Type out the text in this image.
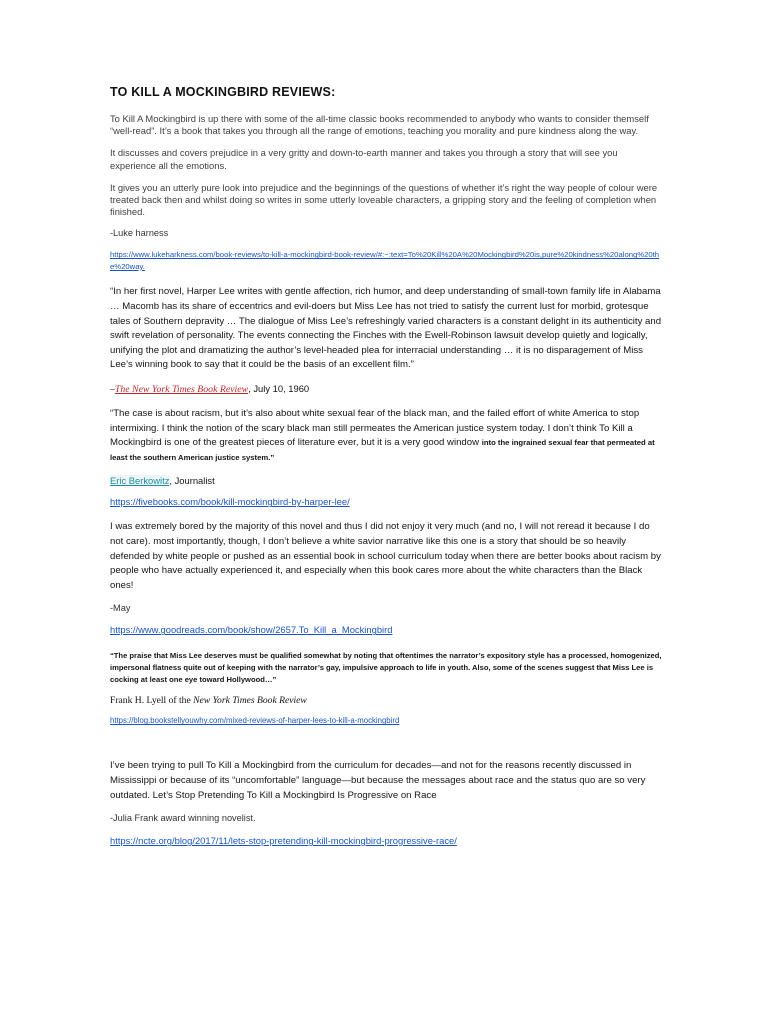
TO KILL A MOCKINGBIRD REVIEWS:

To Kill A Mockingbird is up there with some of the all-time classic books recommended to anybody who wants to consider themself “well-read”. It’s a book that takes you through all the range of emotions, teaching you morality and pure kindness along the way.

It discusses and covers prejudice in a very gritty and down-to-earth manner and takes you through a story that will see you experience all the emotions.

It gives you an utterly pure look into prejudice and the beginnings of the questions of whether it’s right the way people of colour were treated back then and whilst doing so writes in some utterly loveable characters, a gripping story and the feeling of completion when finished.

-Luke harness

https://www.lukeharkness.com/book-reviews/to-kill-a-mockingbird-book-review/#:~:text=To%20Kill%20A%20Mockingbird%20is,pure%20kindness%20along%20the%20way.

“In her first novel, Harper Lee writes with gentle affection, rich humor, and deep understanding of small-town family life in Alabama … Macomb has its share of eccentrics and evil-doers but Miss Lee has not tried to satisfy the current lust for morbid, grotesque tales of Southern depravity … The dialogue of Miss Lee’s refreshingly varied characters is a constant delight in its authenticity and swift revelation of personality. The events connecting the Finches with the Ewell-Robinson lawsuit develop quietly and logically, unifying the plot and dramatizing the author’s level-headed plea for interracial understanding … it is no disparagement of Miss Lee’s winning book to say that it could be the basis of an excellent film.”

–The New York Times Book Review, July 10, 1960

“The case is about racism, but it’s also about white sexual fear of the black man, and the failed effort of white America to stop intermixing. I think the notion of the scary black man still permeates the American justice system today. I don’t think To Kill a Mockingbird is one of the greatest pieces of literature ever, but it is a very good window into the ingrained sexual fear that permeated at least the southern American justice system.”

Eric Berkowitz, Journalist

https://fivebooks.com/book/kill-mockingbird-by-harper-lee/

I was extremely bored by the majority of this novel and thus I did not enjoy it very much (and no, I will not reread it because I do not care). most importantly, though, I don’t believe a white savior narrative like this one is a story that should be so heavily defended by white people or pushed as an essential book in school curriculum today when there are better books about racism by people who have actually experienced it, and especially when this book cares more about the white characters than the Black ones!

-May

https://www.goodreads.com/book/show/2657.To_Kill_a_Mockingbird

“The praise that Miss Lee deserves must be qualified somewhat by noting that oftentimes the narrator’s expository style has a processed, homogenized, impersonal flatness quite out of keeping with the narrator’s gay, impulsive approach to life in youth. Also, some of the scenes suggest that Miss Lee is cocking at least one eye toward Hollywood…”

Frank H. Lyell of the New York Times Book Review

https://blog.bookstellyouwhy.com/mixed-reviews-of-harper-lees-to-kill-a-mockingbird

I’ve been trying to pull To Kill a Mockingbird from the curriculum for decades—and not for the reasons recently discussed in Mississippi or because of its “uncomfortable” language—but because the messages about race and the status quo are so very outdated. Let’s Stop Pretending To Kill a Mockingbird Is Progressive on Race

-Julia Frank award winning novelist.

https://ncte.org/blog/2017/11/lets-stop-pretending-kill-mockingbird-progressive-race/
